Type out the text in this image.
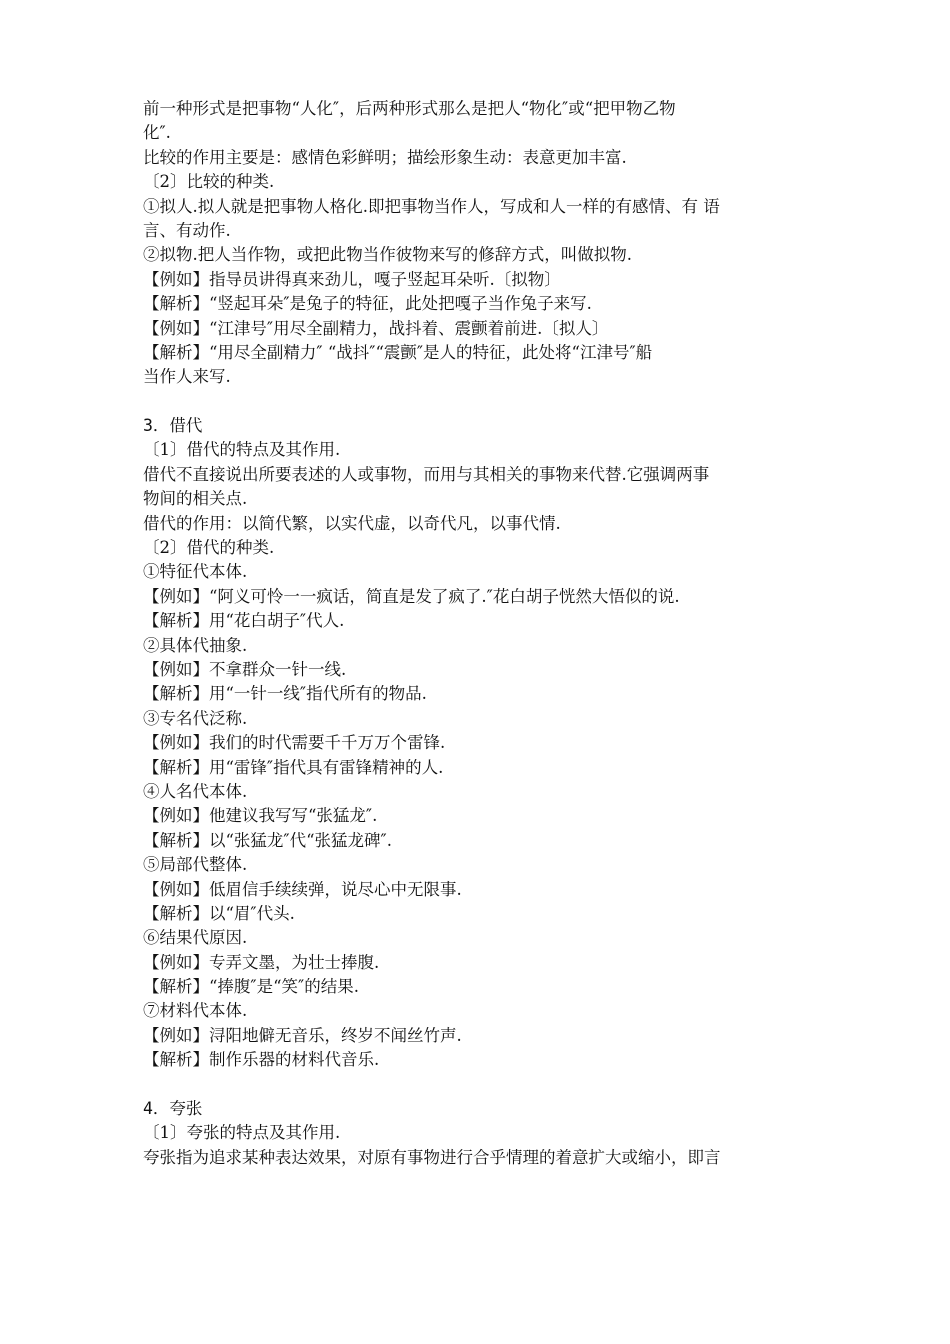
前一种形式是把事物“人化″，后两种形式那么是把人“物化″或“把甲物乙物
化″.
比较的作用主要是：感情色彩鲜明；描绘形象生动：表意更加丰富.
〔2〕比较的种类.
①拟人.拟人就是把事物人格化.即把事物当作人，写成和人一样的有感情、有 语
言、有动作.
②拟物.把人当作物，或把此物当作彼物来写的修辞方式，叫做拟物.
【例如】指导员讲得真来劲儿，嘎子竖起耳朵听.〔拟物〕
【解析】“竖起耳朵″是兔子的特征，此处把嘎子当作兔子来写.
【例如】“江津号″用尽全副精力，战抖着、震颤着前进.〔拟人〕
【解析】“用尽全副精力″ “战抖″“震颤″是人的特征，此处将“江津号″船
当作人来写.
3．借代
〔1〕借代的特点及其作用.
借代不直接说出所要表述的人或事物，而用与其相关的事物来代替.它强调两事
物间的相关点.
借代的作用：以简代繁，以实代虚，以奇代凡，以事代情.
〔2〕借代的种类.
①特征代本体.
【例如】“阿义可怜一一疯话，简直是发了疯了.″花白胡子恍然大悟似的说.
【解析】用“花白胡子″代人.
②具体代抽象.
【例如】不拿群众一针一线.
【解析】用“一针一线″指代所有的物品.
③专名代泛称.
【例如】我们的时代需要千千万万个雷锋.
【解析】用“雷锋″指代具有雷锋精神的人.
④人名代本体.
【例如】他建议我写写“张猛龙″.
【解析】以“张猛龙″代“张猛龙碑″.
⑤局部代整体.
【例如】低眉信手续续弹，说尽心中无限事.
【解析】以“眉″代头.
⑥结果代原因.
【例如】专弄文墨，为壮士捧腹.
【解析】“捧腹″是“笑″的结果.
⑦材料代本体.
【例如】浔阳地僻无音乐，终岁不闻丝竹声.
【解析】制作乐器的材料代音乐.
4．夸张
〔1〕夸张的特点及其作用.
夸张指为追求某种表达效果，对原有事物进行合乎情理的着意扩大或缩小，即言
